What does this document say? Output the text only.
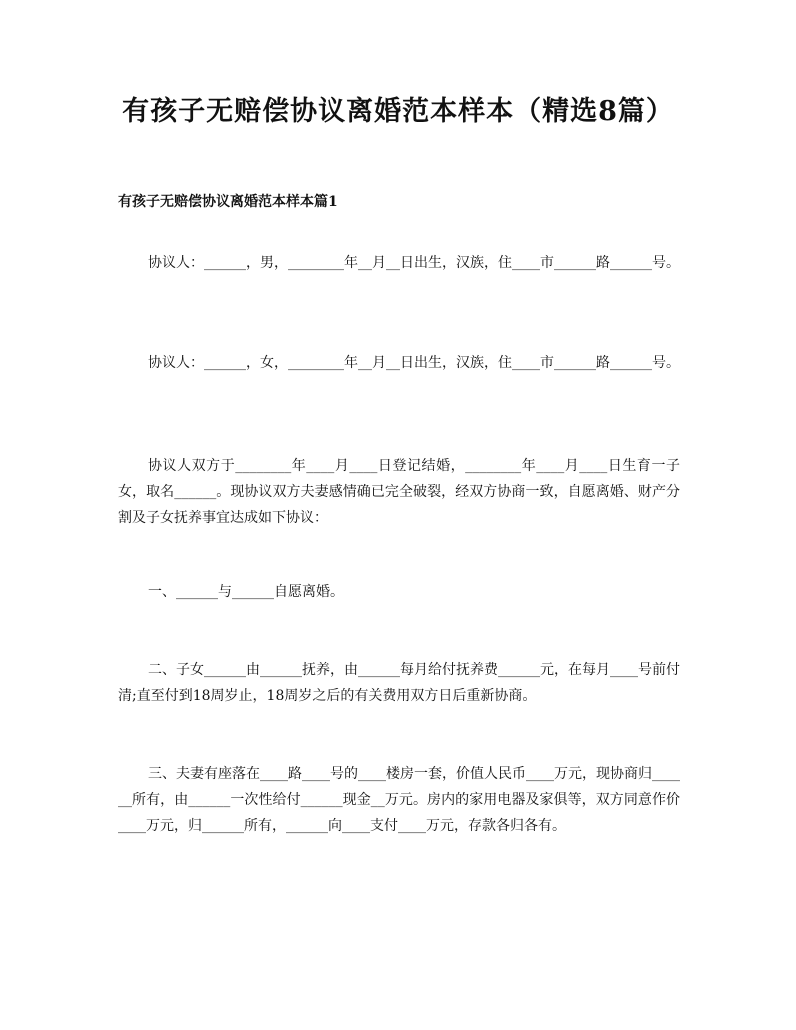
有孩子无赔偿协议离婚范本样本（精选8篇）
有孩子无赔偿协议离婚范本样本篇1

协议人：______，男，________年__月__日出生，汉族，住____市______路______号。

协议人：______，女，________年__月__日出生，汉族，住____市______路______号。

协议人双方于________年____月____日登记结婚，________年____月____日生育一子女，取名______。现协议双方夫妻感情确已完全破裂，经双方协商一致，自愿离婚、财产分割及子女抚养事宜达成如下协议：

一、______与______自愿离婚。

二、子女______由______抚养，由______每月给付抚养费______元，在每月____号前付清;直至付到18周岁止，18周岁之后的有关费用双方日后重新协商。

三、夫妻有座落在____路____号的____楼房一套，价值人民币____万元，现协商归______所有，由______一次性给付______现金__万元。房内的家用电器及家俱等，双方同意作价____万元，归______所有，______向____支付____万元，存款各归各有。
